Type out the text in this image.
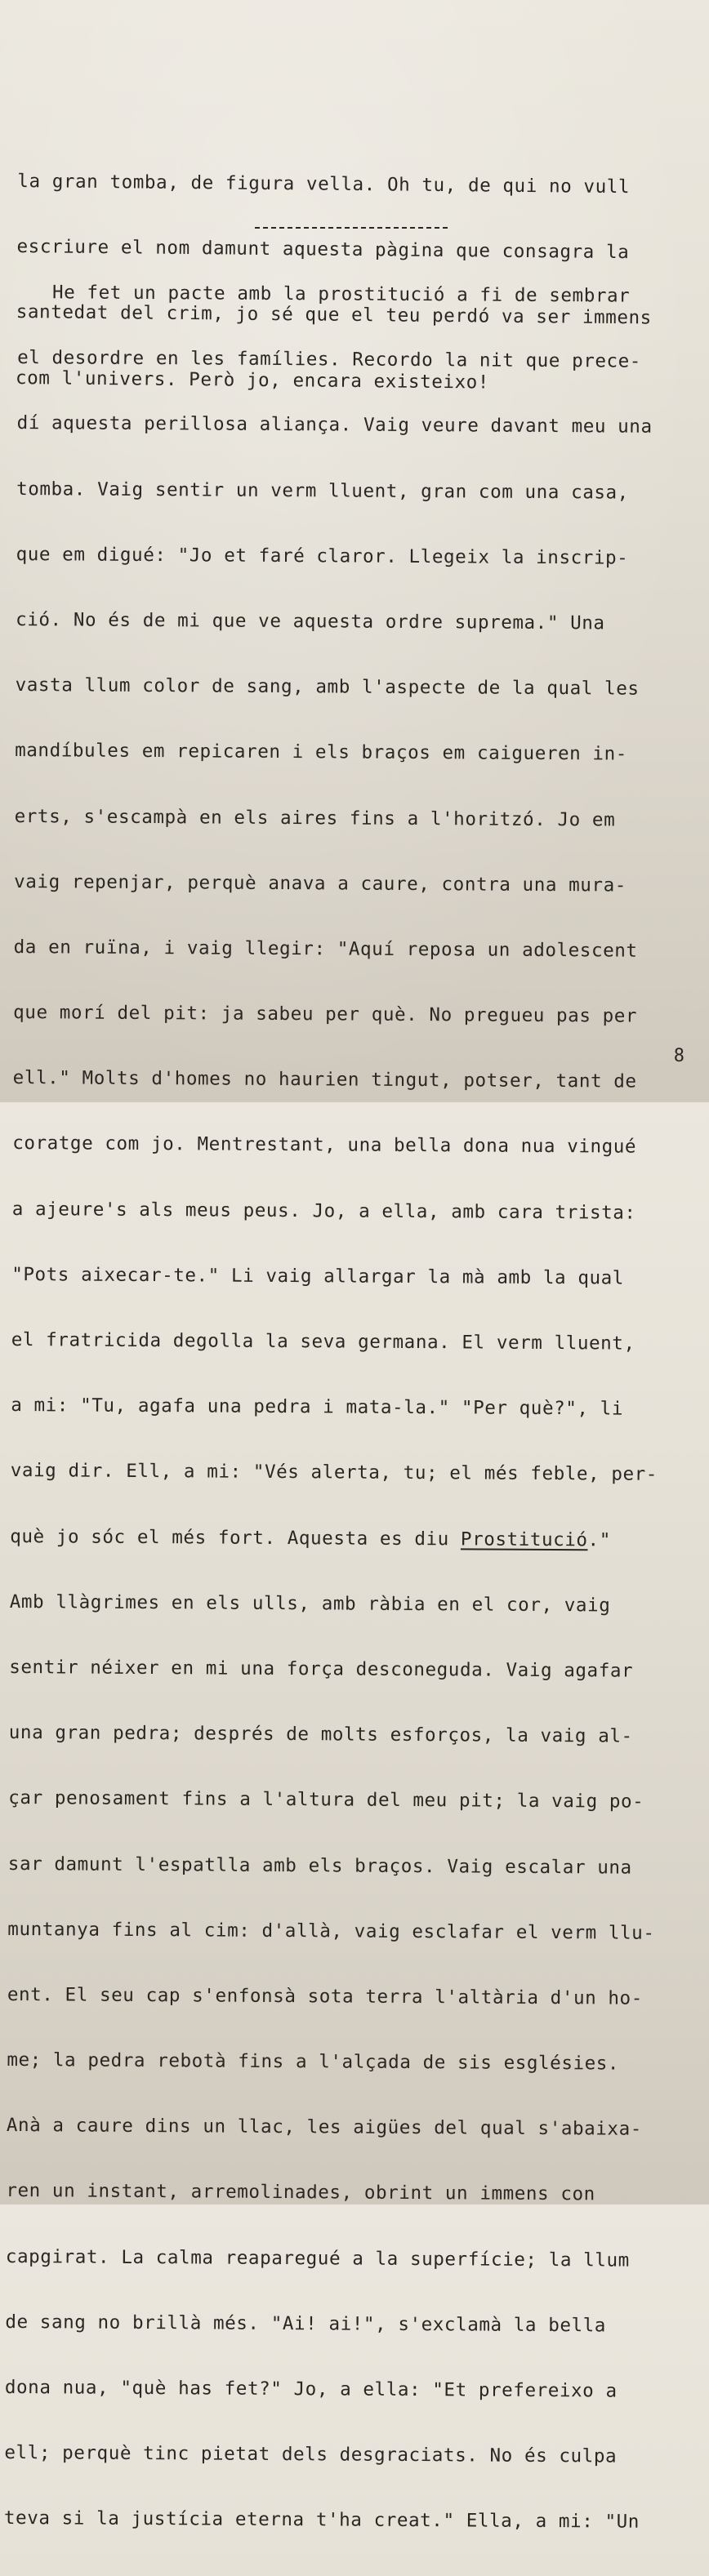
la gran tomba, de figura vella. Oh tu, de qui no vull

escriure el nom damunt aquesta pàgina que consagra la

santedat del crim, jo sé que el teu perdó va ser immens

com l'univers. Però jo, encara existeixo!

He fet un pacte amb la prostitució a fi de sembrar

el desordre en les famílies. Recordo la nit que prece-

dí aquesta perillosa aliança. Vaig veure davant meu una

tomba. Vaig sentir un verm lluent, gran com una casa,

que em digué: "Jo et faré claror. Llegeix la inscrip-

ció. No és de mi que ve aquesta ordre suprema." Una

vasta llum color de sang, amb l'aspecte de la qual les

mandíbules em repicaren i els braços em caigueren in-

erts, s'escampà en els aires fins a l'horitzó. Jo em

vaig repenjar, perquè anava a caure, contra una mura-

da en ruïna, i vaig llegir: "Aquí reposa un adolescent

que morí del pit: ja sabeu per què. No pregueu pas per

ell." Molts d'homes no haurien tingut, potser, tant de

coratge com jo. Mentrestant, una bella dona nua vingué

a ajeure's als meus peus. Jo, a ella, amb cara trista:

"Pots aixecar-te." Li vaig allargar la mà amb la qual

el fratricida degolla la seva germana. El verm lluent,

a mi: "Tu, agafa una pedra i mata-la." "Per què?", li

vaig dir. Ell, a mi: "Vés alerta, tu; el més feble, per-

què jo sóc el més fort. Aquesta es diu Prostitució."

Amb llàgrimes en els ulls, amb ràbia en el cor, vaig

sentir néixer en mi una força desconeguda. Vaig agafar

una gran pedra; després de molts esforços, la vaig al-

çar penosament fins a l'altura del meu pit; la vaig po-

sar damunt l'espatlla amb els braços. Vaig escalar una

muntanya fins al cim: d'allà, vaig esclafar el verm llu-

ent. El seu cap s'enfonsà sota terra l'altària d'un ho-

me; la pedra rebotà fins a l'alçada de sis esglésies.

Anà a caure dins un llac, les aigües del qual s'abaixa-

ren un instant, arremolinades, obrint un immens con

capgirat. La calma reaparegué a la superfície; la llum

de sang no brillà més. "Ai! ai!", s'exclamà la bella

dona nua, "què has fet?" Jo, a ella: "Et prefereixo a

ell; perquè tinc pietat dels desgraciats. No és culpa

teva si la justícia eterna t'ha creat." Ella, a mi: "Un

8
